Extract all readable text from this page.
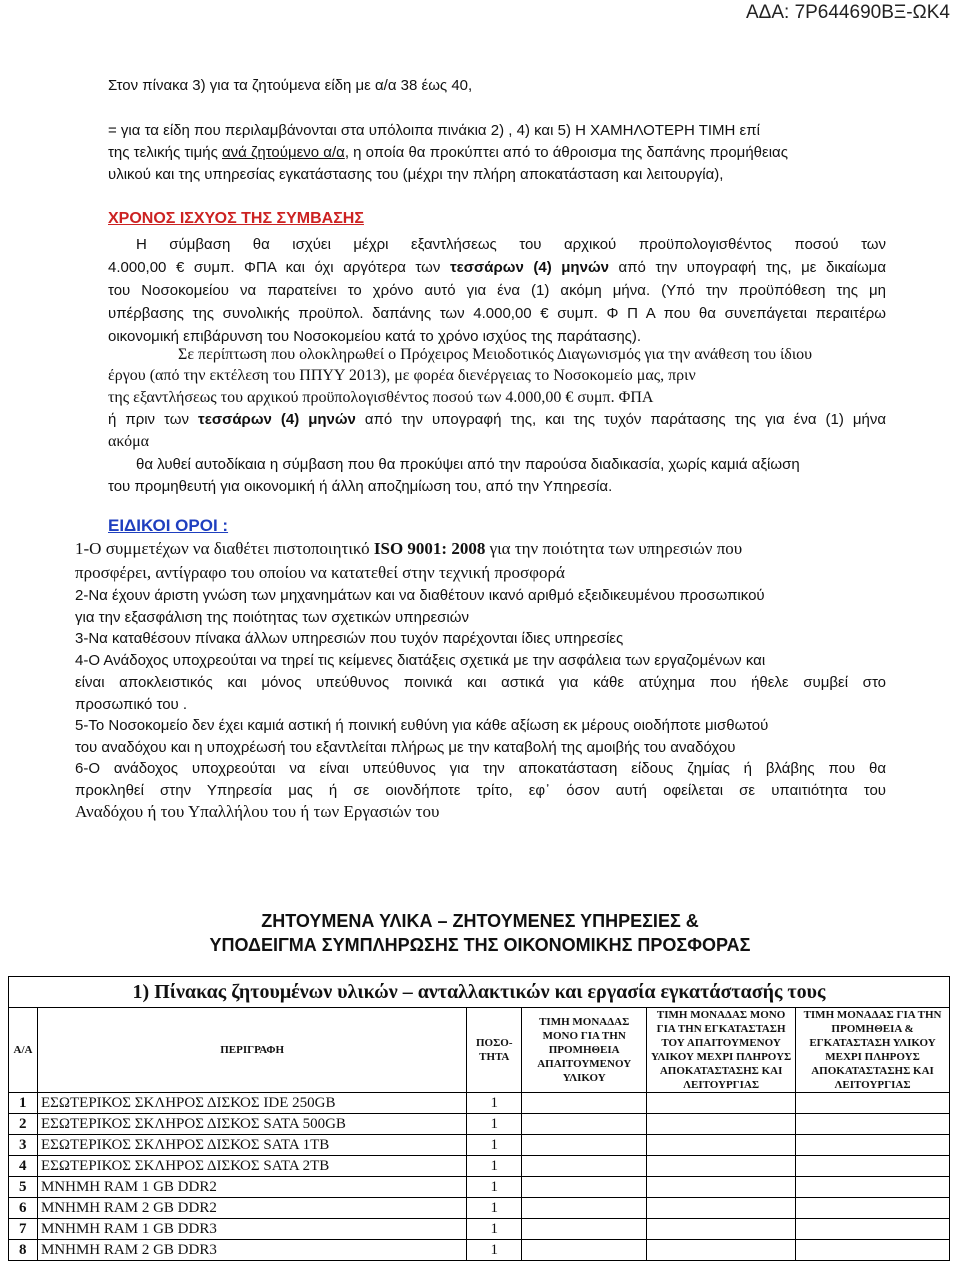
ΑΔΑ: 7Ρ644690ΒΞ-ΩΚ4

Στον πίνακα 3) για τα ζητούμενα είδη με α/α 38 έως 40,

= για τα είδη που περιλαμβάνονται στα υπόλοιπα πινάκια 2) , 4) και 5) Η ΧΑΜΗΛΟΤΕΡΗ ΤΙΜΗ επί

της τελικής τιμής ανά ζητούμενο α/α, η οποία θα προκύπτει από το άθροισμα της δαπάνης προμήθειας

υλικού και της υπηρεσίας εγκατάστασης του (μέχρι την πλήρη αποκατάσταση και λειτουργία),

ΧΡΟΝΟΣ ΙΣΧΥΟΣ ΤΗΣ ΣΥΜΒΑΣΗΣ

Η σύμβαση θα ισχύει μέχρι εξαντλήσεως του αρχικού προϋπολογισθέντος ποσού των

4.000,00 € συμπ. ΦΠΑ και όχι αργότερα των τεσσάρων (4) μηνών από την υπογραφή της, με δικαίωμα

του Νοσοκομείου να παρατείνει το χρόνο αυτό για ένα (1) ακόμη μήνα. (Υπό την προϋπόθεση της μη

υπέρβασης της συνολικής προϋπολ. δαπάνης των 4.000,00 € συμπ. Φ Π Α που θα συνεπάγεται περαιτέρω

οικονομική επιβάρυνση του Νοσοκομείου κατά το χρόνο ισχύος της παράτασης).

Σε περίπτωση που ολοκληρωθεί ο Πρόχειρος Μειοδοτικός Διαγωνισμός για την ανάθεση του ίδιου

έργου (από την εκτέλεση του ΠΠΥΥ 2013), με φορέα διενέργειας το Νοσοκομείο μας, πριν

της εξαντλήσεως του αρχικού προϋπολογισθέντος ποσού των 4.000,00 € συμπ. ΦΠΑ

ή πριν των τεσσάρων (4) μηνών από την υπογραφή της, και της τυχόν παράτασης της για ένα (1) μήνα

ακόμα

θα λυθεί αυτοδίκαια η σύμβαση που θα προκύψει από την παρούσα διαδικασία, χωρίς καμιά αξίωση

του προμηθευτή για οικονομική ή άλλη αποζημίωση του, από την Υπηρεσία.

ΕΙΔΙΚΟΙ ΟΡΟΙ :

1-Ο συμμετέχων να διαθέτει πιστοποιητικό ISO 9001: 2008 για την ποιότητα των υπηρεσιών που

προσφέρει, αντίγραφο του οποίου να κατατεθεί στην τεχνική προσφορά

2-Να έχουν άριστη γνώση των μηχανημάτων και να διαθέτουν ικανό αριθμό εξειδικευμένου προσωπικού

για την εξασφάλιση της ποιότητας των σχετικών υπηρεσιών

3-Να καταθέσουν πίνακα άλλων υπηρεσιών που τυχόν παρέχονται ίδιες υπηρεσίες

4-Ο Ανάδοχος υποχρεούται να τηρεί τις κείμενες διατάξεις σχετικά με την ασφάλεια των εργαζομένων και

είναι αποκλειστικός και μόνος υπεύθυνος ποινικά και αστικά για κάθε ατύχημα που ήθελε συμβεί στο

προσωπικό του .

5-Το Νοσοκομείο δεν έχει καμιά αστική ή ποινική ευθύνη για κάθε αξίωση εκ μέρους οιοδήποτε μισθωτού

του αναδόχου και η υποχρέωσή του εξαντλείται πλήρως με την καταβολή της αμοιβής του αναδόχου

6-Ο ανάδοχος υποχρεούται να είναι υπεύθυνος για την αποκατάσταση είδους ζημίας ή βλάβης που θα

προκληθεί στην Υπηρεσία μας ή σε οιονδήποτε τρίτο, εφ᾽ όσον αυτή οφείλεται σε υπαιτιότητα του

Αναδόχου ή του Υπαλλήλου του ή των Εργασιών του

ΖΗΤΟΥΜΕΝΑ ΥΛΙΚΑ – ΖΗΤΟΥΜΕΝΕΣ ΥΠΗΡΕΣΙΕΣ &
ΥΠΟΔΕΙΓΜΑ ΣΥΜΠΛΗΡΩΣΗΣ ΤΗΣ ΟΙΚΟΝΟΜΙΚΗΣ ΠΡΟΣΦΟΡΑΣ
1) Πίνακας ζητουμένων υλικών – ανταλλακτικών και εργασία εγκατάστασής τους					
Α/Α	ΠΕΡΙΓΡΑΦΗ	ΠΟΣΟ-ΤΗΤΑ	ΤΙΜΗ ΜΟΝΑΔΑΣ ΜΟΝΟ ΓΙΑ ΤΗΝ ΠΡΟΜΗΘΕΙΑ ΑΠΑΙΤΟΥΜΕΝΟΥ ΥΛΙΚΟΥ	ΤΙΜΗ ΜΟΝΑΔΑΣ ΜΟΝΟ ΓΙΑ ΤΗΝ ΕΓΚΑΤΑΣΤΑΣΗ ΤΟΥ ΑΠΑΙΤΟΥΜΕΝΟΥ ΥΛΙΚΟΥ ΜΕΧΡΙ ΠΛΗΡΟΥΣ ΑΠΟΚΑΤΑΣΤΑΣΗΣ ΚΑΙ ΛΕΙΤΟΥΡΓΙΑΣ	ΤΙΜΗ ΜΟΝΑΔΑΣ ΓΙΑ ΤΗΝ ΠΡΟΜΗΘΕΙΑ & ΕΓΚΑΤΑΣΤΑΣΗ ΥΛΙΚΟΥ ΜΕΧΡΙ ΠΛΗΡΟΥΣ ΑΠΟΚΑΤΑΣΤΑΣΗΣ ΚΑΙ ΛΕΙΤΟΥΡΓΙΑΣ
1	ΕΣΩΤΕΡΙΚΟΣ ΣΚΛΗΡΟΣ ΔΙΣΚΟΣ IDE 250GB	1			
2	ΕΣΩΤΕΡΙΚΟΣ ΣΚΛΗΡΟΣ ΔΙΣΚΟΣ SATA 500GB	1			
3	ΕΣΩΤΕΡΙΚΟΣ ΣΚΛΗΡΟΣ ΔΙΣΚΟΣ SATA 1TB	1			
4	ΕΣΩΤΕΡΙΚΟΣ ΣΚΛΗΡΟΣ ΔΙΣΚΟΣ SATA 2TB	1			
5	ΜΝΗΜΗ RAM 1 GB DDR2	1			
6	ΜΝΗΜΗ RAM 2 GB DDR2	1			
7	ΜΝΗΜΗ RAM 1 GB DDR3	1			
8	ΜΝΗΜΗ RAM 2 GB DDR3	1			
